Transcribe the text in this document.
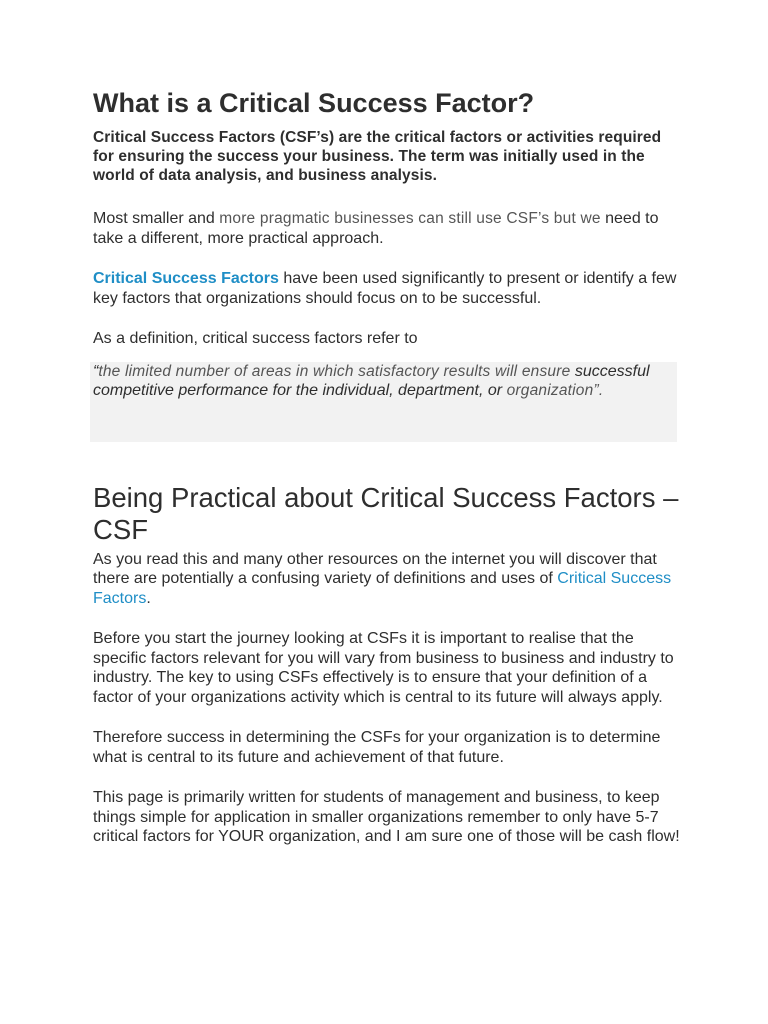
What is a Critical Success Factor?

Critical Success Factors (CSF’s) are the critical factors or activities required for ensuring the success your business. The term was initially used in the world of data analysis, and business analysis.

Most smaller and more pragmatic businesses can still use CSF’s but we need to take a different, more practical approach.

Critical Success Factors have been used significantly to present or identify a few key factors that organizations should focus on to be successful.

As a definition, critical success factors refer to

“the limited number of areas in which satisfactory results will ensure successful competitive performance for the individual, department, or organization”.
Being Practical about Critical Success Factors – CSF

As you read this and many other resources on the internet you will discover that there are potentially a confusing variety of definitions and uses of Critical Success Factors.

Before you start the journey looking at CSFs it is important to realise that the specific factors relevant for you will vary from business to business and industry to industry. The key to using CSFs effectively is to ensure that your definition of a factor of your organizations activity which is central to its future will always apply.

Therefore success in determining the CSFs for your organization is to determine what is central to its future and achievement of that future.

This page is primarily written for students of management and business, to keep things simple for application in smaller organizations remember to only have 5-7 critical factors for YOUR organization, and I am sure one of those will be cash flow!
